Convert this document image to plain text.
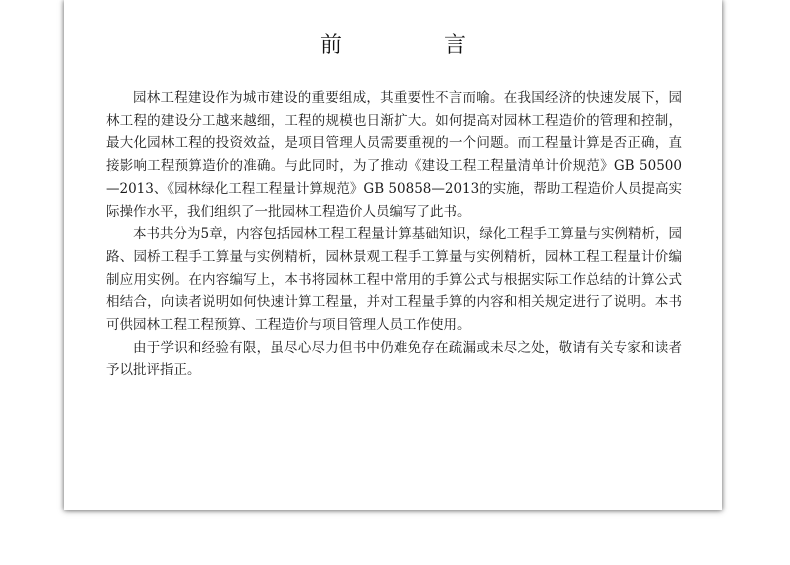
前　言

园林工程建设作为城市建设的重要组成，其重要性不言而喻。在我国经济的快速发展下，园林工程的建设分工越来越细，工程的规模也日渐扩大。如何提高对园林工程造价的管理和控制，最大化园林工程的投资效益，是项目管理人员需要重视的一个问题。而工程量计算是否正确，直接影响工程预算造价的准确。与此同时，为了推动《建设工程工程量清单计价规范》GB 50500—2013、《园林绿化工程工程量计算规范》GB 50858—2013的实施，帮助工程造价人员提高实际操作水平，我们组织了一批园林工程造价人员编写了此书。

本书共分为5章，内容包括园林工程工程量计算基础知识，绿化工程手工算量与实例精析，园路、园桥工程手工算量与实例精析，园林景观工程手工算量与实例精析，园林工程工程量计价编制应用实例。在内容编写上，本书将园林工程中常用的手算公式与根据实际工作总结的计算公式相结合，向读者说明如何快速计算工程量，并对工程量手算的内容和相关规定进行了说明。本书可供园林工程工程预算、工程造价与项目管理人员工作使用。

由于学识和经验有限，虽尽心尽力但书中仍难免存在疏漏或未尽之处，敬请有关专家和读者予以批评指正。
